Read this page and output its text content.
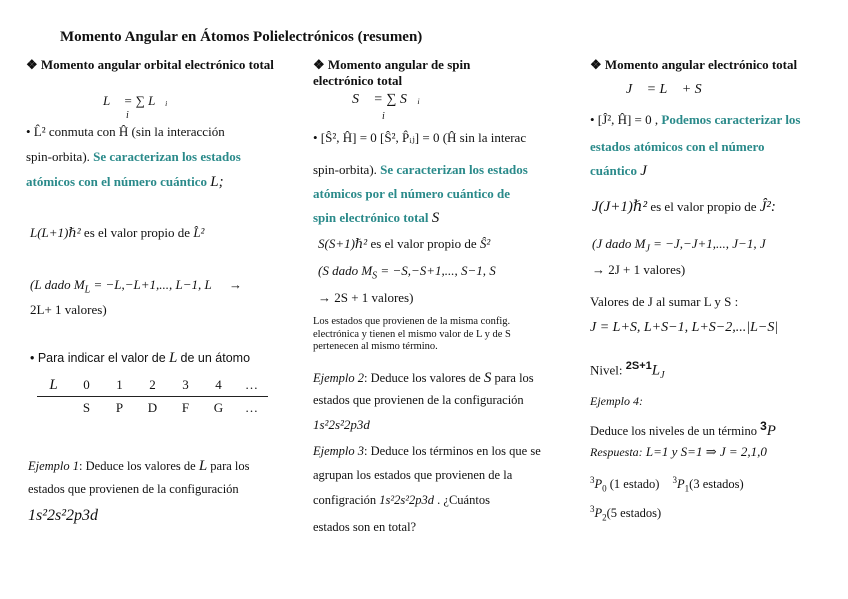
Momento Angular en Átomos Polielectrónicos (resumen)
❖ Momento angular orbital electrónico total
L⃗ = ∑ L⃗ᵢ
i
• L̂² conmuta con Ĥ (sin la interacción
spin-orbita). Se caracterizan los estados
atómicos con el número cuántico L;
L(L+1)ℏ² es el valor propio de L̂²
(L dado $M_L = -L,-L+1$,..., L−1, L →
2L+ 1 valores)
• Para indicar el valor de L de un átomo
L	0	1	2	3	4	…
	S	P	D	F	G	…
Ejemplo 1: Deduce los valores de L para los
estados que provienen de la configuración
1s²2s²2p3d
❖ Momento angular de spin
electrónico total
S⃗ = ∑ S⃗ᵢ
i
• [Ŝ², Ĥ] = 0 [Ŝ², P̂ᵢⱼ] = 0 (Ĥ sin la interac
spin-orbita). Se caracterizan los estados
atómicos por el número cuántico de
spin electrónico total S
S(S+1)ℏ² es el valor propio de Ŝ²
(S dado $M_S = -S,-S+1$,..., S−1, S
→ 2S + 1 valores)
Los estados que provienen de la misma config. electrónica y tienen el mismo valor de L y de S pertenecen al mismo término.
Ejemplo 2: Deduce los valores de S para los
estados que provienen de la configuración
1s²2s²2p3d
Ejemplo 3: Deduce los términos en los que se
agrupan los estados que provienen de la
configración 1s²2s²2p3d . ¿Cuántos
estados son en total?
❖ Momento angular electrónico total
J⃗ = L⃗ + S⃗
• [Ĵ², Ĥ] = 0 , Podemos caracterizar los
estados atómicos con el número
cuántico J
J(J+1)ℏ² es el valor propio de Ĵ²:
(J dado $M_J = -J,-J+1$,..., J−1, J
→ 2J + 1 valores)
Valores de J al sumar L y S :
J = L+S, L+S−1, L+S−2,...|L−S|
Nivel: $^{2S+1}L_J$
Ejemplo 4:
Deduce los niveles de un término $^3$P
Respuesta: L=1 y S=1 ⇒ J = 2,1,0
$^3P_0$ (1 estado) $^3P_1(3$ estados)
$^3P_2(5$ estados)
